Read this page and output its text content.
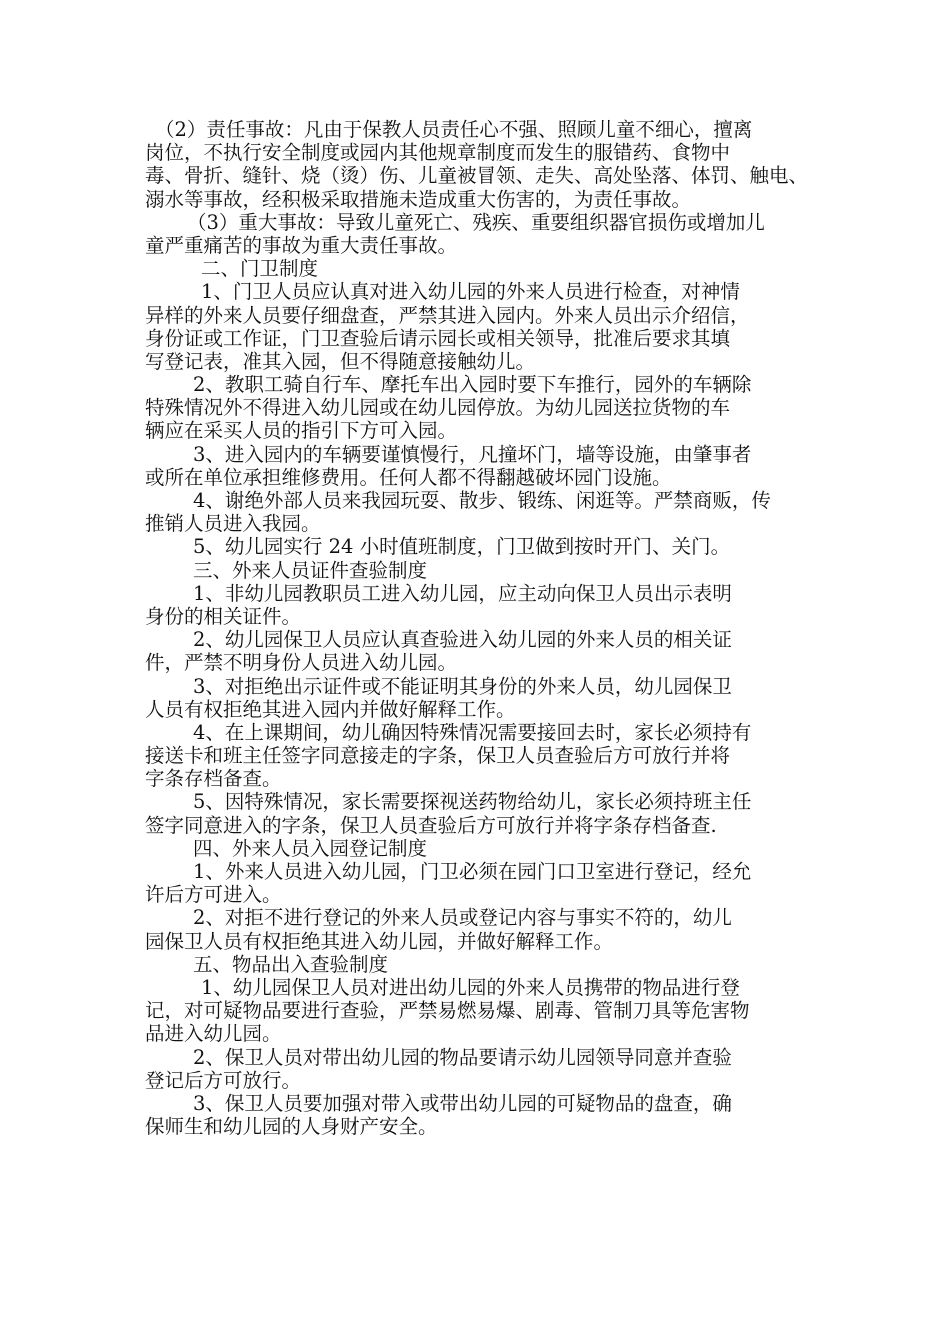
（2）责任事故：凡由于保教人员责任心不强、照顾儿童不细心，擅离
岗位，不执行安全制度或园内其他规章制度而发生的服错药、食物中
毒、骨折、缝针、烧（烫）伤、儿童被冒领、走失、高处坠落、体罚、触电、
溺水等事故，经积极采取措施未造成重大伤害的，为责任事故。
（3）重大事故：导致儿童死亡、残疾、重要组织器官损伤或增加儿
童严重痛苦的事故为重大责任事故。
二、门卫制度
1、门卫人员应认真对进入幼儿园的外来人员进行检查，对神情
异样的外来人员要仔细盘查，严禁其进入园内。外来人员出示介绍信，
身份证或工作证，门卫查验后请示园长或相关领导，批准后要求其填
写登记表，准其入园，但不得随意接触幼儿。
2、教职工骑自行车、摩托车出入园时要下车推行，园外的车辆除
特殊情况外不得进入幼儿园或在幼儿园停放。为幼儿园送拉货物的车
辆应在采买人员的指引下方可入园。
3、进入园内的车辆要谨慎慢行，凡撞坏门，墙等设施，由肇事者
或所在单位承担维修费用。任何人都不得翻越破坏园门设施。
4、谢绝外部人员来我园玩耍、散步、锻练、闲逛等。严禁商贩，传
推销人员进入我园。
5、幼儿园实行 24 小时值班制度，门卫做到按时开门、关门。
三、外来人员证件查验制度
1、非幼儿园教职员工进入幼儿园，应主动向保卫人员出示表明
身份的相关证件。
2、幼儿园保卫人员应认真查验进入幼儿园的外来人员的相关证
件，严禁不明身份人员进入幼儿园。
3、对拒绝出示证件或不能证明其身份的外来人员，幼儿园保卫
人员有权拒绝其进入园内并做好解释工作。
4、在上课期间，幼儿确因特殊情况需要接回去时，家长必须持有
接送卡和班主任签字同意接走的字条，保卫人员查验后方可放行并将
字条存档备查。
5、因特殊情况，家长需要探视送药物给幼儿，家长必须持班主任
签字同意进入的字条，保卫人员查验后方可放行并将字条存档备查.
四、外来人员入园登记制度
1、外来人员进入幼儿园，门卫必须在园门口卫室进行登记，经允
许后方可进入。
2、对拒不进行登记的外来人员或登记内容与事实不符的，幼儿
园保卫人员有权拒绝其进入幼儿园，并做好解释工作。
五、物品出入查验制度
1、幼儿园保卫人员对进出幼儿园的外来人员携带的物品进行登
记，对可疑物品要进行查验，严禁易燃易爆、剧毒、管制刀具等危害物
品进入幼儿园。
2、保卫人员对带出幼儿园的物品要请示幼儿园领导同意并查验
登记后方可放行。
3、保卫人员要加强对带入或带出幼儿园的可疑物品的盘查，确
保师生和幼儿园的人身财产安全。
